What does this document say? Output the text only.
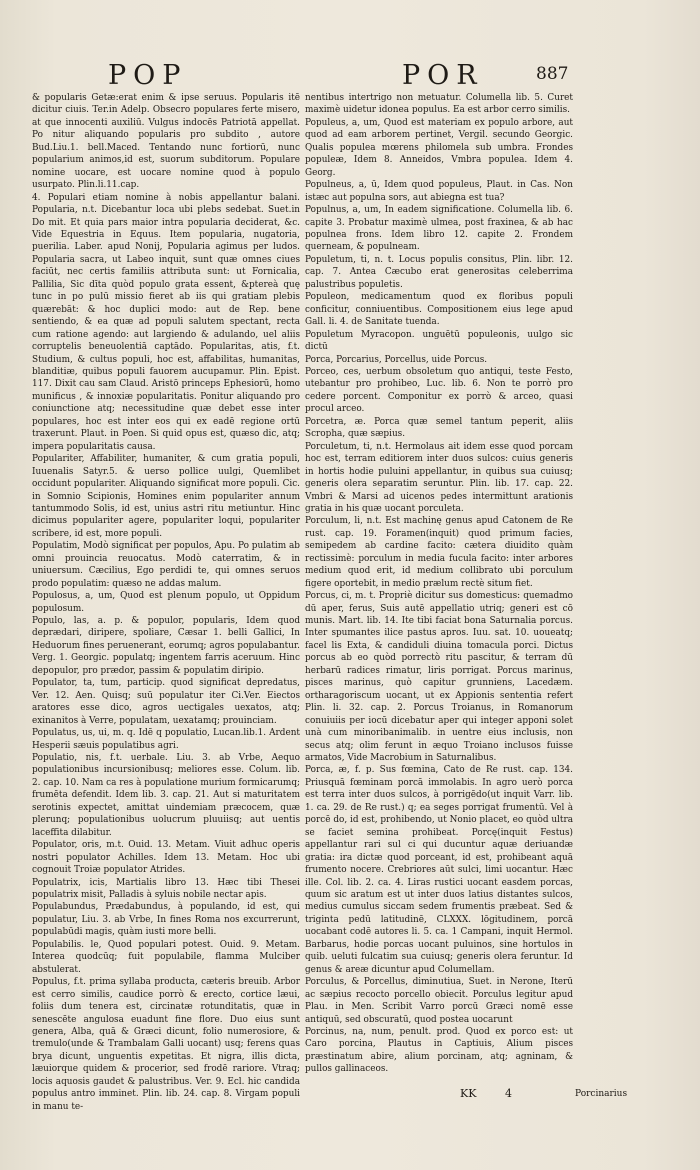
POP	POR	887

& popularis Getæ:erat enim & ipse seruus. Popularis itē dicitur ciuis. Ter.in Adelp. Obsecro populares ferte misero, at que innocenti auxiliū. Vulgus indocēs Patriotā appellat. Po nitur aliquando popularis pro subdito , autore Bud.Liu.1. bell.Maced. Tentando nunc fortiorū, nunc popularium animos,id est, suorum subditorum. Populare nomine uocare, est uocare nomine quod à populo usurpato. Plin.li.11.cap.

4. Populari etiam nomine à nobis appellantur balani. Popularia, n.t. Dicebantur loca ubi plebs sedebat. Suet.in Do mit. Et quia pars maior intra popularia deciderat, &c. Vide Equestria in Equus. Item popularia, nugatoria, puerilia. Laber. apud Nonij, Popularia agimus per ludos. Popularia sacra, ut Labeo inquit, sunt quæ omnes ciues faciūt, nec certis familiis attributa sunt: ut Fornicalia, Pallilia, Sic dīta quòd populo grata essent, &ptereà quę tunc in po pulū missio fieret ab iis qui gratiam plebis quærebāt: & hoc duplici modo: aut de Rep. bene sentiendo, & ea quæ ad populi salutem spectant, recta cum ratione agendo: aut largiendo & adulando, uel aliis corruptelis beneuolentiā captādo. Popularitas, atis, f.t. Studium, & cultus populi, hoc est, affabilitas, humanitas, blanditiæ, quibus populi fauorem aucupamur. Plin. Epist. 117. Dixit cau sam Claud. Aristō princeps Ephesiorū, homo munificus , & innoxiæ popularitatis. Ponitur aliquando pro coniunctione atq; necessitudine quæ debet esse inter populares, hoc est inter eos qui ex eadē regione ortū traxerunt. Plaut. in Poen. Si quid opus est, quæso dic, atq; impera popularitatis causa.

Populariter, Affabiliter, humaniter, & cum gratia populi, Iuuenalis Satyr.5. & uerso pollice uulgi, Quemlibet occidunt populariter. Aliquando significat more populi. Cic. in Somnio Scipionis, Homines enim populariter annum tantummodo Solis, id est, unius astri ritu metiuntur. Hinc dicimus populariter agere, populariter loqui, populariter scribere, id est, more populi.

Populatim, Modò significat per populos, Apu. Po pulatim ab omni prouincia reuocatus. Modò caterratim, & in uniuersum. Cæcilius, Ego perdidi te, qui omnes seruos prodo populatim: quæso ne addas malum.

Populosus, a, um, Quod est plenum populo, ut Oppidum populosum.

Populo, las, a. p. & populor, popularis, Idem quod deprædari, diripere, spoliare, Cæsar 1. belli Gallici, In Heduorum fines peruenerant, eorumq; agros populabantur. Verg. 1. Georgic. populatq; ingentem farris aceruum. Hinc depopulor, pro prædor, passim & populatim diripio.

Populator, ta, tum, particip. quod significat depredatus, Ver. 12. Aen. Quisq; suū populatur iter Ci.Ver. Eiectos aratores esse dico, agros uectigales uexatos, atq; exinanitos à Verre, populatam, uexatamq; prouinciam.

Populatus, us, ui, m. q. Idē q populatio, Lucan.lib.1. Ardent Hesperii sæuis populatibus agri.

Populatio, nis, f.t. uerbale. Liu. 3. ab Vrbe, Aequo populationibus incursionibusq; meliores esse. Colum. lib. 2. cap. 10. Nam ca res à populatione murium formicarumq; frumēta defendit. Idem lib. 3. cap. 21. Aut si maturitatem serotinis expectet, amittat uindemiam præcocem, quæ plerunq; populationibus uolucrum pluuiisq; aut uentis laceffita dilabitur.

Populator, oris, m.t. Ouid. 13. Metam. Viuit adhuc operis nostri populator Achilles. Idem 13. Metam. Hoc ubi cognouit Troiæ populator Atrides.

Populatrix, icis, Martialis libro 13. Hæc tibi Thesei populatrix misit, Palladis à syluis nobile nectar apis.

Populabundus, Prædabundus, à populando, id est, qui populatur, Liu. 3. ab Vrbe, In fines Roma nos excurrerunt, populabūdi magis, quàm iusti more belli.

Populabilis. le, Quod populari potest. Ouid. 9. Metam. Interea quodcūq; fuit populabile, flamma Mulciber abstulerat.

Populus, f.t. prima syllaba producta, cæteris breuib. Arbor est cerro similis, caudice porrò & erecto, cortice læui, foliis dum tenera est, circinatæ rotunditatis, quæ in senescēte angulosa euadunt fine flore. Duo eius sunt genera, Alba, quā & Græci dicunt, folio numerosiore, & tremulo(unde & Trambalam Galli uocant) usq; ferens quas brya dicunt, unguentis expetitas. Et nigra, illis dicta, læuiorque quidem & procerior, sed frodē rariore. Vtraq; locis aquosis gaudet & palustribus. Ver. 9. Ecl. hic candida populus antro imminet. Plin. lib. 24. cap. 8. Virgam populi in manu te-

nentibus intertrigo non metuatur. Columella lib. 5. Curet maximè uidetur idonea populus. Ea est arbor cerro similis.

Populeus, a, um, Quod est materiam ex populo arbore, aut quod ad eam arborem pertinet, Vergil. secundo Georgic. Qualis populea mœrens philomela sub umbra. Frondes populeæ, Idem 8. Anneidos, Vmbra populea. Idem 4. Georg.

Populneus, a, ū, Idem quod populeus, Plaut. in Cas. Non istæc aut populna sors, aut abiegna est tua?

Populnus, a, um, In eadem significatione. Columella lib. 6. capite 3. Probatur maximè ulmea, post fraxinea, & ab hac populnea frons. Idem libro 12. capite 2. Frondem querneam, & populneam.

Populetum, ti, n. t. Locus populis consitus, Plin. libr. 12. cap. 7. Antea Cæcubo erat generositas celeberrima palustribus populetis.

Populeon, medicamentum quod ex floribus populi conficitur, conniuentibus. Compositionem eius lege apud Gall. li. 4. de Sanitate tuenda.

Populetum Myracopon. unguētū populeonis, uulgo sic dictū

Porca, Porcarius, Porcellus, uide Porcus.

Porceo, ces, uerbum obsoletum quo antiqui, teste Festo, utebantur pro prohibeo, Luc. lib. 6. Non te porrò pro cedere porcent. Componitur ex porrò & arceo, quasi procul arceo.

Porcetra, æ. Porca quæ semel tantum peperit, aliis Scropha, quæ sæpius.

Porculetum, ti, n.t. Hermolaus ait idem esse quod porcam hoc est, terram editiorem inter duos sulcos: cuius generis in hortis hodie puluini appellantur, in quibus sua cuiusq; generis olera separatim seruntur. Plin. lib. 17. cap. 22. Vmbri & Marsi ad uicenos pedes intermittunt arationis gratia in his quæ uocant porculeta.

Porculum, li, n.t. Est machinę genus apud Catonem de Re rust. cap. 19. Foramen(inquit) quod primum facies, semipedem ab cardine facito: cætera diuidito quàm rectissimè: porculum in media fucula facito: inter arbores medium quod erit, id medium collibrato ubi porculum figere oportebit, in medio prælum rectè situm fiet.

Porcus, ci, m. t. Propriè dicitur sus domesticus: quemadmo dū aper, ferus, Suis autē appellatio utriq; generi est cō munis. Mart. lib. 14. Ite tibi faciat bona Saturnalia porcus. Inter spumantes ilice pastus apros. Iuu. sat. 10. uoueatq; facel lis Exta, & candiduli diuina tomacula porci. Dictus porcus ab eo quòd porrectò ritu pascitur, & terram dū herbarū radices rimatur, liris porrigat. Porcus marinus, pisces marinus, quò capitur grunniens, Lacedæm. ortharagoriscum uocant, ut ex Appionis sententia refert Plin. li. 32. cap. 2. Porcus Troianus, in Romanorum conuiuiis per iocū dicebatur aper qui integer apponi solet unà cum minoribanimalib. in uentre eius inclusis, non secus atq; olim ferunt in æquo Troiano inclusos fuisse armatos, Vide Macrobium in Saturnalibus.

Porca, æ, f. p. Sus fœmina, Cato de Re rust. cap. 134. Priusquā fœminam porcā immolabis. In agro uerò porca est terra inter duos sulcos, à porrigēdo(ut inquit Varr. lib. 1. ca. 29. de Re rust.) q; ea seges porrigat frumentū. Vel à porcē do, id est, prohibendo, ut Nonio placet, eo quòd ultra se faciet semina prohibeat. Porcę(inquit Festus) appellantur rari sul ci qui ducuntur aquæ deriuandæ gratia: ira dictæ quod porceant, id est, prohibeant aquā frumento nocere. Crebriores aūt sulci, limi uocantur. Hæc ille. Col. lib. 2. ca. 4. Liras rustici uocant easdem porcas, quum sic aratum est ut inter duos latius distantes sulcos, medius cumulus siccam sedem frumentis præbeat. Sed & triginta pedū latitudinē, CLXXX. lōgitudinem, porcā uocabant codē autores li. 5. ca. 1 Campani, inquit Hermol. Barbarus, hodie porcas uocant puluinos, sine hortulos in quib. ueluti fulcatim sua cuiusq; generis olera feruntur. Id genus & areæ dicuntur apud Columellam.

Porculus, & Porcellus, diminutiua, Suet. in Nerone, Iterū ac sæpius recocto porcello obiecit. Porculus legitur apud Plau. in Men. Scribit Varro porcū Græci nomē esse antiquū, sed obscuratū, quod postea uocarunt

Porcinus, na, num, penult. prod. Quod ex porco est: ut Caro porcina, Plautus in Captiuis, Alium pisces præstinatum abire, alium porcinam, atq; agninam, & pullos gallinaceos.

KK	4	Porcinarius
